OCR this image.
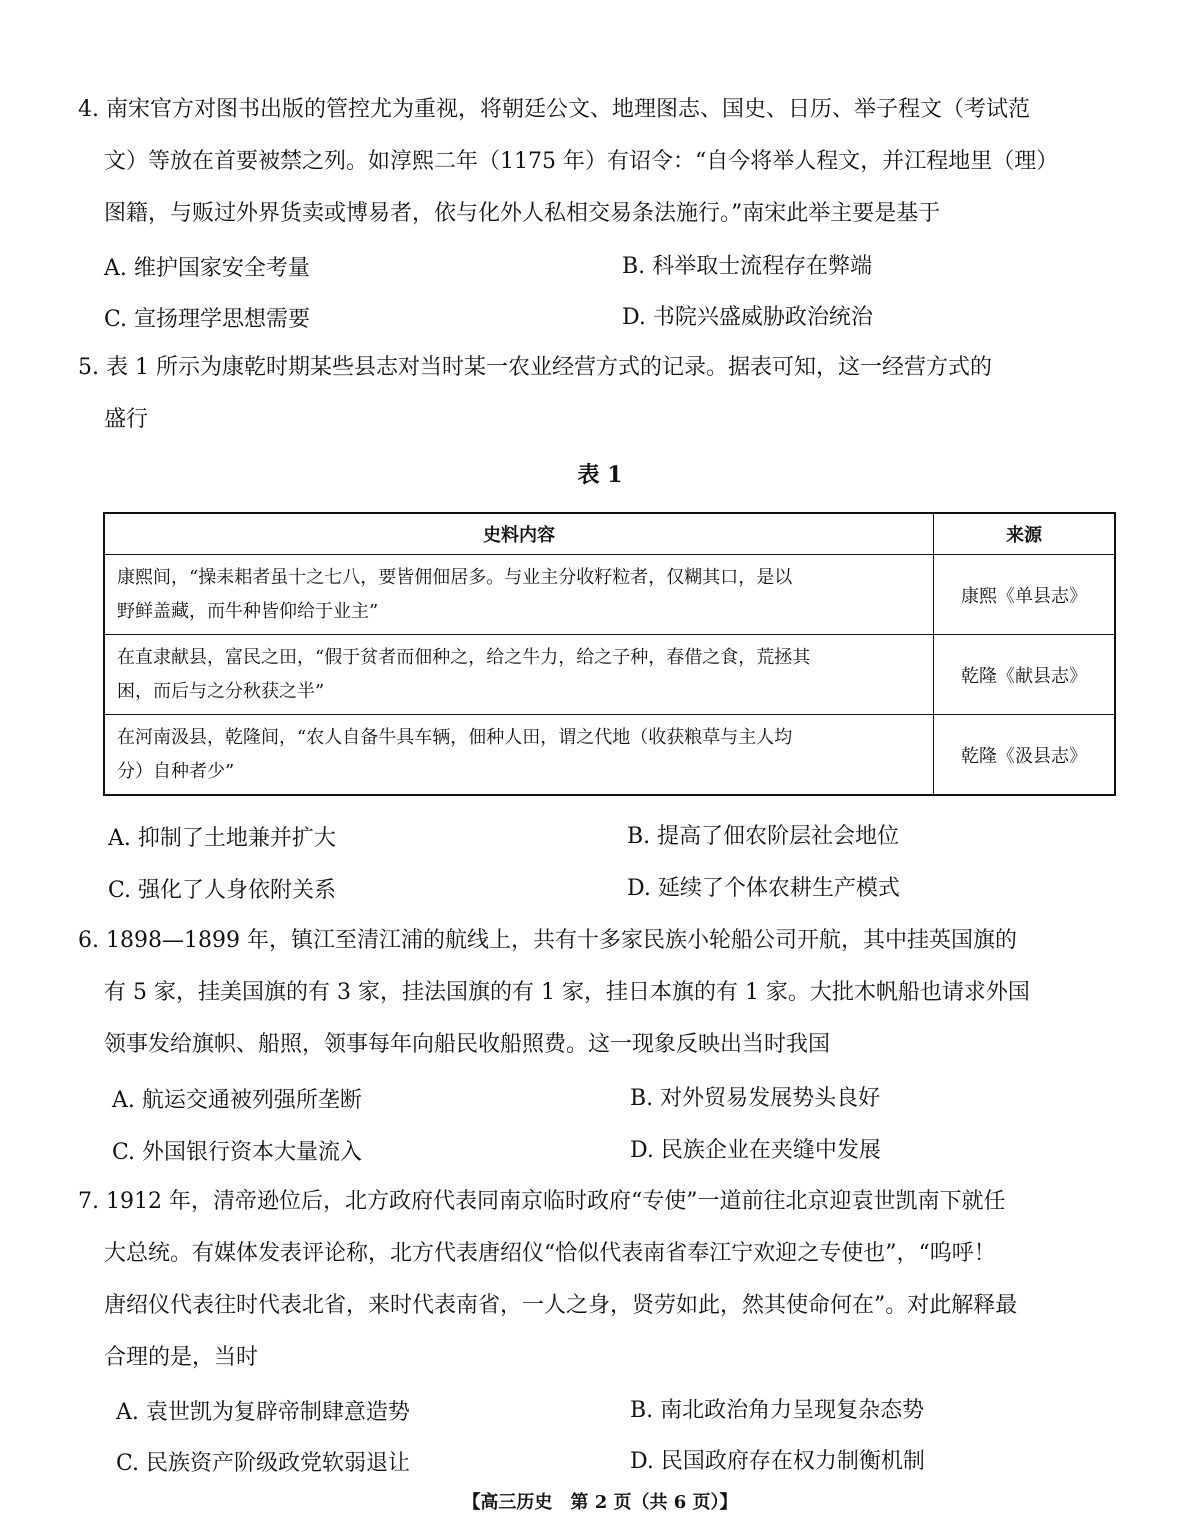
4. 南宋官方对图书出版的管控尤为重视，将朝廷公文、地理图志、国史、日历、举子程文（考试范
文）等放在首要被禁之列。如淳熙二年（1175 年）有诏令：“自今将举人程文，并江程地里（理）
图籍，与贩过外界货卖或博易者，依与化外人私相交易条法施行。”南宋此举主要是基于
A. 维护国家安全考量	B. 科举取士流程存在弊端
C. 宣扬理学思想需要	D. 书院兴盛威胁政治统治
5. 表 1 所示为康乾时期某些县志对当时某一农业经营方式的记录。据表可知，这一经营方式的
盛行
表 1
史料内容	来源

康熙间，“操耒耜者虽十之七八，要皆佣佃居多。与业主分收籽粒者，仅糊其口，是以
野鲜盖藏，而牛种皆仰给于业主”	康熙《单县志》

在直隶献县，富民之田，“假于贫者而佃种之，给之牛力，给之子种，春借之食，荒拯其
困，而后与之分秋获之半”	乾隆《献县志》

在河南汲县，乾隆间，“农人自备牛具车辆，佃种人田，谓之代地（收获粮草与主人均
分）自种者少”	乾隆《汲县志》
A. 抑制了土地兼并扩大	B. 提高了佃农阶层社会地位
C. 强化了人身依附关系	D. 延续了个体农耕生产模式
6. 1898—1899 年，镇江至清江浦的航线上，共有十多家民族小轮船公司开航，其中挂英国旗的
有 5 家，挂美国旗的有 3 家，挂法国旗的有 1 家，挂日本旗的有 1 家。大批木帆船也请求外国
领事发给旗帜、船照，领事每年向船民收船照费。这一现象反映出当时我国
A. 航运交通被列强所垄断	B. 对外贸易发展势头良好
C. 外国银行资本大量流入	D. 民族企业在夹缝中发展
7. 1912 年，清帝逊位后，北方政府代表同南京临时政府“专使”一道前往北京迎袁世凯南下就任
大总统。有媒体发表评论称，北方代表唐绍仪“恰似代表南省奉江宁欢迎之专使也”，“呜呼！
唐绍仪代表往时代表北省，来时代表南省，一人之身，贤劳如此，然其使命何在”。对此解释最
合理的是，当时
A. 袁世凯为复辟帝制肆意造势	B. 南北政治角力呈现复杂态势
C. 民族资产阶级政党软弱退让	D. 民国政府存在权力制衡机制
【高三历史　第 2 页（共 6 页）】
